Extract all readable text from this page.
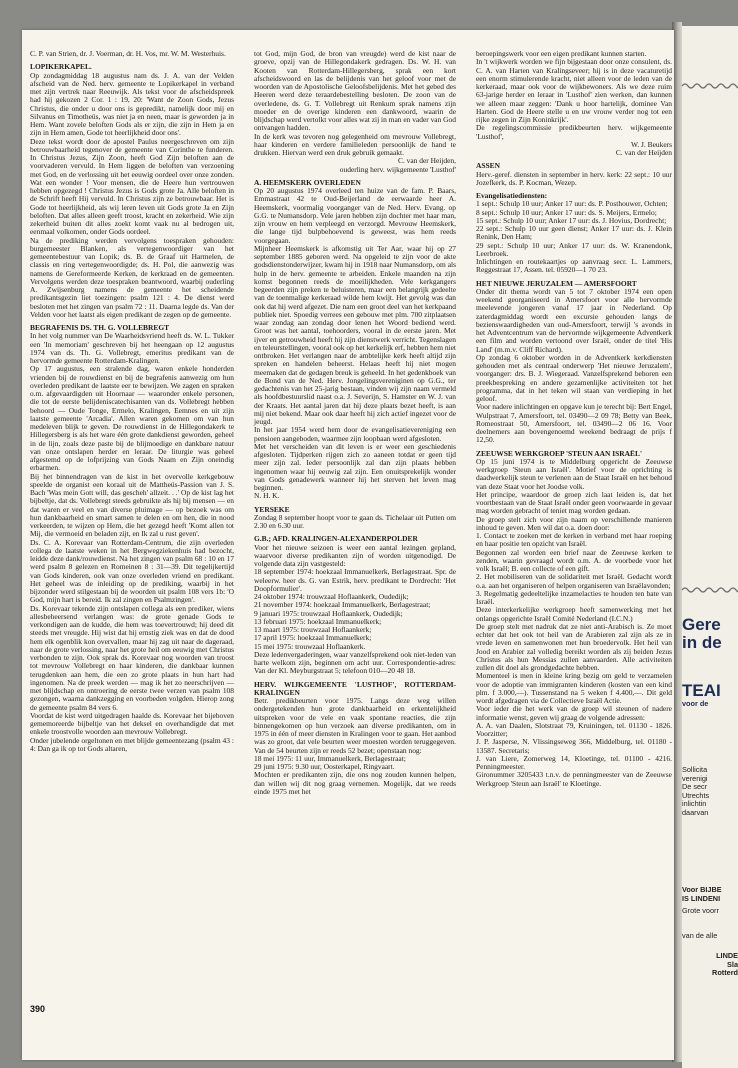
C. P. van Strien, dr. J. Voerman, dr. H. Vos, mr. W. M. Westerhuis.

LOPIKERKAPEL.

Op zondagmiddag 18 augustus nam ds. J. A. van der Velden afscheid van de Ned. herv. gemeente te Lopikerkapel in verband met zijn vertrek naar Reeuwijk. Als tekst voor de afscheidspreek had hij gekozen 2 Cor. 1 : 19, 20: 'Want de Zoon Gods, Jezus Christus, die onder u door ons is gepredikt, namelijk door mij en Silvanus en Timotheüs, was niet ja en neen, maar is geworden ja in Hem. Want zovele beloften Gods als er zijn, die zijn in Hem ja en zijn in Hem amen, Gode tot heerlijkheid door ons'.

Deze tekst wordt door de apostel Paulus neergeschreven om zijn betrouwbaarheid tegenover de gemeente van Corinthe te funderen. In Christus Jezus, Zijn Zoon, heeft God Zijn beloften aan de voorvaderen vervuld. In Hem liggen de beloften van verzoening met God, en de verlossing uit het eeuwig oordeel over onze zonden. Wat een wonder ! Voor mensen, die de Heere hun vertrouwen hebben opgezegd ! Christus Jezus is Gods grote Ja. Alle beloften in de Schrift heeft Hij vervuld. In Christus zijn ze betrouwbaar. Het is Gode tot heerlijkheid, als wij leren leven uit Gods grote Ja en Zijn beloften. Dat alles alleen geeft troost, kracht en zekerheid. Wie zijn zekerheid buiten dit alles zoekt komt vaak nu al bedrogen uit, eenmaal volkomen, onder Gods oordeel.

Na de prediking werden vervolgens toespraken gehouden: burgemeester Blanken, als vertegenwoordiger van het gemeentebestuur van Lopik; ds. B. de Graaf uit Harmelen, de classis en ring vertegenwoordigde; ds. H. Pol, die aanwezig was namens de Gereformeerde Kerken, de kerkraad en de gemeenten. Vervolgens werden deze toespraken beantwoord, waarbij ouderling A. Zwijsenburg namens de gemeente het scheidende predikantsgezin liet toezingen: psalm 121 : 4. De dienst werd besloten met het zingen van psalm 72 : 11. Daarna legde ds. Van der Velden voor het laatst als eigen predikant de zegen op de gemeente.

BEGRAFENIS DS. TH. G. VOLLEBREGT

In het volg nummer van De Waarheidsvriend heeft ds. W. L. Tukker een 'In memoriam' geschreven bij het heengaan op 12 augustus 1974 van ds. Th. G. Vollebregt, emeritus predikant van de hervormde gemeente Rotterdam-Kralingen.

Op 17 augustus, een stralende dag, waren enkele honderden vrienden bij de rouwdienst en bij de begrafenis aanwezig om hun overleden predikant de laatste eer te bewijzen. We zagen en spraken o.m. afgevaardigden uit Hoornaar — waaronder enkele personen, die tot de eerste belijdeniscatechisanten van ds. Vollebregt hebben behoord — Oude Tonge, Ermelo, Kralingen, Eemnes en uit zijn laatste gemeente 'Arcadia'. Allen waren gekomen om van hun medeleven blijk te geven. De rouwdienst in de Hillegondakerk te Hillegersberg is als het ware één grote dankdienst geworden, geheel in de lijn, zoals deze paste bij de blijmoedige en dankbare natuur van onze ontslapen herder en leraar. De liturgie was geheel afgestemd op de lofprijzing van Gods Naam en Zijn oneindig erbarmen.

Bij het binnendragen van de kist in het overvolle kerkgebouw speelde de organist een koraal uit de Mattheüs-Passion van J. S. Bach 'Was mein Gott will, das gescheh' allzeit. . .' Op de kist lag het bijbeltje, dat ds. Vollebregt steeds gebruikte als hij bij mensen — en dat waren er veel en van diverse pluimage — op bezoek was om hun dankbaarheid en smart samen te delen en om hen, die in nood verkeerden, te wijzen op Hem, die het gezegd heeft 'Komt allen tot Mij, die vermoeid en beladen zijt, en Ik zal u rust geven'.

Ds. C. A. Korevaar van Rotterdam-Centrum, die zijn overleden collega de laatste weken in het Bergwegziekenhuis had bezocht, leidde deze dank/rouwdienst. Na het zingen van psalm 68 : 10 en 17 werd psalm 8 gelezen en Romeinen 8 : 31—39. Dit tegelijkertijd van Gods kinderen, ook van onze overleden vriend en predikant. Het geheel was de inleiding op de prediking, waarbij in het bijzonder werd stilgestaan bij de woorden uit psalm 108 vers 1b: 'O God, mijn hart is bereid. Ik zal zingen en Psalmzingen'.

Ds. Korevaar tekende zijn ontslapen collega als een prediker, wiens allesbeheersend verlangen was: de grote genade Gods te verkondigen aan de kudde, die hem was toevertrouwd; hij deed dit steeds met vreugde. Hij wist dat hij ernstig ziek was en dat de dood hem elk ogenblik kon overvallen, maar hij zag uit naar de dageraad, naar de grote verlossing, naar het grote heil om eeuwig met Christus verbonden te zijn. Ook sprak ds. Korevaar nog woorden van troost tot mevrouw Vollebregt en haar kinderen, die dankbaar kunnen terugdenken aan hem, die een zo grote plaats in hun hart had ingenomen. Na de preek werden — mag ik het zo neerschrijven — met blijdschap en ontroering de eerste twee verzen van psalm 108 gezongen, waarna dankzegging en voorbeden volgden. Hierop zong de gemeente psalm 84 vers 6.

Voordat de kist werd uitgedragen haalde ds. Korevaar het bijeboven gememoreerde bijbeltje van het deksel en overhandigde dat met enkele troostvolle woorden aan mevrouw Vollebregt.

Onder jubelende orgeltonen en met blijde gemeentezang (psalm 43 : 4: Dan ga ik op tot Gods altaren,

tot God, mijn God, de bron van vreugde) werd de kist naar de groeve, opzij van de Hillegondakerk gedragen. Ds. W. H. van Kooten van Rotterdam-Hillegersberg, sprak een kort afscheidswoord en las de belijdenis van het geloof voor met de woorden van de Apostolische Geloofsbelijdenis. Met het gebed des Heeren werd deze teraardebestelling besloten. De zoon van de overledene, ds. G. T. Vollebregt uit Renkum sprak namens zijn moeder en de overige kinderen een dankwoord, waarin de blijdschap werd vertolkt voor alles wat zij in man en vader van God ontvangen hadden.

In de kerk was tevoren nog gelegenheid om mevrouw Vollebregt, haar kinderen en verdere familieleden persoonlijk de hand te drukken. Hiervan werd een druk gebruik gemaakt.

C. van der Heijden,

ouderling herv. wijkgemeente 'Lusthof'

A. HEEMSKERK OVERLEDEN

Op 20 augustus 1974 overleed ten huize van de fam. P. Baars, Emmastraat 42 te Oud-Beijerland de eerwaarde heer A. Heemskerk, voormalig voorganger van de Ned. Herv. Evang. op G.G. te Numansdorp. Vele jaren hebben zijn dochter met haar man, zijn vrouw en hem verpleegd en verzorgd. Mevrouw Heemskerk, die lange tijd bulpbehoevend is geweest, was hem reeds voorgegaan.

Mijnheer Heemskerk is afkomstig uit Ter Aar, waar hij op 27 september 1885 geboren werd. Na opgeleid te zijn voor de akte godsdienstonderwijzer, kwam hij in 1918 naar Numansdorp, om als hulp in de herv. gemeente te arbeiden. Enkele maanden na zijn komst begonnen reeds de moeilijkheden. Vele kerkgangers begeerden zijn preken te beluisteren, maar een belangrijk gedeelte van de toenmalige kerkeraad wilde hem kwijt. Het gevolg was dan ook dat hij werd afgezet. Die nam een groot deel van het kerkpaand publiek niet. Spoedig verrees een gebouw met plm. 700 zitplaatsen waar zondag aan zondag door lenen het Woord bediend werd. Groot was het aantal, toehoorders, vooral in de eerste jaren. Met ijver en getrouwheid heeft hij zijn dienstwerk verricht. Tegenslagen en teleurstellingen, vooral ook op het kerkelijk erf, hebben hem niet ontbroken. Het verlangen naar de ambtelijke kerk heeft altijd zijn spreken en handelen beheerst. Helaas heeft hij niet mogen meemaken dat de gedagen breuk is geheeld. In het gedenkboek van de Bond van de Ned. Herv. Jongelingsvereniginen op G.G., ter gedachtenis van het 25-jarig bestaan, vinden wij zijn naam vermeld als hoofdbestuurslid naast o.a. J. Severijn, S. Hamster en W. J. van der Kraats. Het aantal jaren dat hij deze plaats bezet heeft, is aan mij niet bekend. Maar ook daar heeft hij zich actief ingezet voor de jeugd.

In het jaar 1954 werd hem door de evangelisatievereniging een pensioen aangeboden, waarmee zijn loopbaan werd afgesloten.

Met het verscheiden van dit leven is er weer een geschiedenis afgesloten. Tijdperken rijgen zich zo aaneen totdat er geen tijd meer zijn zal. Ieder persoonlijk zal dan zijn plaats hebben ingenomen waar hij eeuwig zal zijn. Een onuitsprekelijk wonder van Gods genadewerk wanneer hij het sterven het leven mag beginnen.

N. H. K.

YERSEKE

Zondag 8 september hoopt voor te gaan ds. Tichelaar uit Putten om 2.30 en 6.30 uur.

G.B.; AFD. KRALINGEN-ALEXANDERPOLDER

Voor het nieuwe seizoen is weer een aantal lezingen gepland, waarvoor diverse predikanten zijn of worden uitgenodigd. De volgende data zijn vastgesteld:

18 september 1974: hoekzaal Immanuelkerk, Berlagestraat. Spr. de weleerw. heer ds. G. van Estrik, herv. predikant te Dordrecht: 'Het Doopformulier'.

24 oktober 1974: trouwzaal Hoflaankerk, Oudedijk;

21 november 1974: hoekzaal Immanuelkerk, Berlagestraat;

9 januari 1975: trouwzaal Hoflaankerk, Oudedijk;

13 februari 1975: hoekzaal Immanuelkerk;

13 maart 1975: trouwzaal Hoflaankerk;

17 april 1975: hoekzaal Immanuelkerk;

15 mei 1975: trouwzaal Hoflaankerk.

Deze ledenvergaderingen, waar vanzelfsprekend ook niet-leden van harte welkom zijn, beginnen om acht uur. Correspondentie-adres: Van der Kl. Meyburgstraat 5; telefoon 010—20 48 18.

HERV. WIJKGEMEENTE 'LUSTHOF', ROTTERDAM-KRALINGEN

Betr. predikbeurten voor 1975. Langs deze weg willen ondergetekenden hun grote dankbaarheid en erkentelijkheid uitspreken voor de vele en vaak spontane reacties, die zijn binnengekomen op hun verzoek aan diverse predikanten, om in 1975 in één of meer diensten in Kralingen voor te gaan. Het aanbod was zo groot, dat vele beurten weer moesten worden teruggegeven. Van de 54 beurten zijn er reeds 52 bezet; openstaan nog:

18 mei 1975: 11 uur, Immanuelkerk, Berlagestraat;

29 juni 1975: 9.30 uur, Oosterkapel, Ringvaart.

Mochten er predikanten zijn, die ons nog zouden kunnen helpen, dan willen wij dit nog graag vernemen. Mogelijk, dat we reeds einde 1975 met het

beroepingswerk voor een eigen predikant kunnen starten.

In 't wijkwerk worden we fijn bijgestaan door onze consulent, ds. C. A. van Harten van Kralingseveer; hij is in deze vacaturetijd een enorm stimulerende kracht, niet alleen voor de leden van de kerkeraad, maar ook voor de wijkbewoners. Als we deze ruim 63-jarige herder en leraar in 'Lusthof' zien werken, dan kunnen we alleen maar zeggen: 'Dank u hoor hartelijk, dominee Van Harten. God de Heere stelle u en uw vrouw verder nog tot een rijke zegen in Zijn Koninkrijk'.

De regelingscommissie predikbeurten herv. wijkgemeente 'Lusthof',

W. J. Beukers

C. van der Heijden

ASSEN

Herv.-geref. diensten in september in herv. kerk: 22 sept.: 10 uur Jozefkerk, ds. P. Kocman, Wezep.

Evangelisatiediensten:

1 sept.: Schulp 10 uur; Anker 17 uur: ds. P. Posthouwer, Ochten;

8 sept.: Schulp 10 uur; Anker 17 uur: ds. S. Meijers, Ermelo;

15 sept.: Schulp 10 uur; Anker 17 uur: ds. J. Hovius, Dordrecht;

22 sept.: Schulp 10 uur geen dienst; Anker 17 uur: ds. J. Klein Renink, Den Ham;

29 sept.: Schulp 10 uur; Anker 17 uur: ds. W. Kranendonk, Leerbroek.

Inlichtingen en routekaartjes op aanvraag secr. L. Lammers, Reggestraat 17, Assen. tel. 05920—1 70 23.

HET NIEUWE JERUZALEM — AMERSFOORT

Onder dit thema wordt van 5 tot 7 oktober 1974 een open weekend georganiseerd in Amersfoort voor alle hervormde meelevende jongeren vanaf 17 jaar in Nederland. Op zaterdagmiddag wordt een excursie gehouden langs de bezienswaardigheden van oud-Amersfoort, terwijl 's avonds in het Adventcentrum van de hervormde wijkgemeente Adventkerk een film and worden vertoond over Israël, onder de titel 'His Land' (m.m.v. Cliff Richard).

Op zondag 6 oktober worden in de Adventkerk kerkdiensten gehouden met als centraal onderwerp 'Het nieuwe Jeruzalem', voorganger: drs. B. J. Wiegeraad. Vanzelfsprekend behoren een preekbespreking en andere gezamenlijke activiteiten tot het programma, dat in het teken wil staan van verdieping in het geloof.

Voor nadere inlichtingen en opgave kun je terecht bij: Bert Engel, Wulpstraat 7, Amersfoort, tel. 03490—2 09 78; Betty van Beek, Romeostraat 50, Amersfoort, tel. 03490—2 06 16. Voor deelnemers aan bovengenoemd weekend bedraagt de prijs f 12,50.

ZEEUWSE WERKGROEP 'STEUN AAN ISRAËL'

Op 15 juni 1974 is te Middelburg opgericht de Zeeuwse werkgroep 'Steun aan Israël'. Motief voor de oprichting is daadwerkelijk steun te verlenen aan de Staat Israël en het behoud van deze Staat voor het Joodse volk.

Het principe, waardoor de groep zich laat leiden is, dat het voortbestaan van de Staat Israël onder geen voorwaarde in gevaar mag worden gebracht of teniet mag worden gedaan.

De groep stelt zich voor zijn naam op verschillende manieren inhoud te geven. Men wil dat o.a. doen door:

1. Contact te zoeken met de kerken in verband met haar roeping en haar positie ten opzicht van Israël.

Begonnen zal worden een brief naar de Zeeuwse kerken te zenden, waarin gevraagd wordt o.m. A. de voorbede voor het volk Israël; B. een collecte of een gift.

2. Het mobiliseren van de solidariteit met Israël. Gedacht wordt o.a. aan het organiseren of helpen organiseren van Israëlavonden;

3. Regelmatig gedeeltelijke inzamelacties te houden ten bate van Israël.

Deze interkerkelijke werkgroep heeft samenwerking met het onlangs opgerichte Israël Comité Nederland (I.C.N.)

De groep stelt met nadruk dat ze niet anti-Arabisch is. Ze moet echter dat het ook tot heil van de Arabieren zal zijn als ze in vrede leven en samenwonen met hun broedervolk. Het heil van Jood en Arabier zal volledig bereikt worden als zij beiden Jezus Christus als hun Messias zullen aanvaarden. Alle activiteiten zullen dit doel als grondgedachte hebben.

Momenteel is men in kleine kring bezig om geld te verzamelen voor de adoptie van immigranten kinderen (kosten van een kind plm. f 3.000,—). Tussenstand na 5 weken f 4.400,—. Dit geld wordt afgedragen via de Collectieve Israël Actie.

Voor ieder die het werk van de groep wil steunen of nadere informatie wenst, geven wij graag de volgende adressen:

A. A. van Daalen, Slotstraat 79, Kruiningen, tel. 01130 - 1826. Voorzitter;

J. P. Jasperse, N. Vlissingseweg 366, Middelburg, tel. 01180 - 13587. Secretaris;

J. van Liere, Zomerweg 14, Kloetinge, tel. 01100 - 4216. Penningmeester.

Gironummer 3205433 t.n.v. de penningmeester van de Zeeuwse Werkgroep 'Steun aan Israël' te Kloetinge.

390
Gere
in de
TEAI
voor de
Sollicita
verenigi
De secr
Utrechts
inlichtin
daarvan
Voor BIJBE
IS LINDENI
Grote voorr
van de alle
LINDE
Sla
Rotterd
